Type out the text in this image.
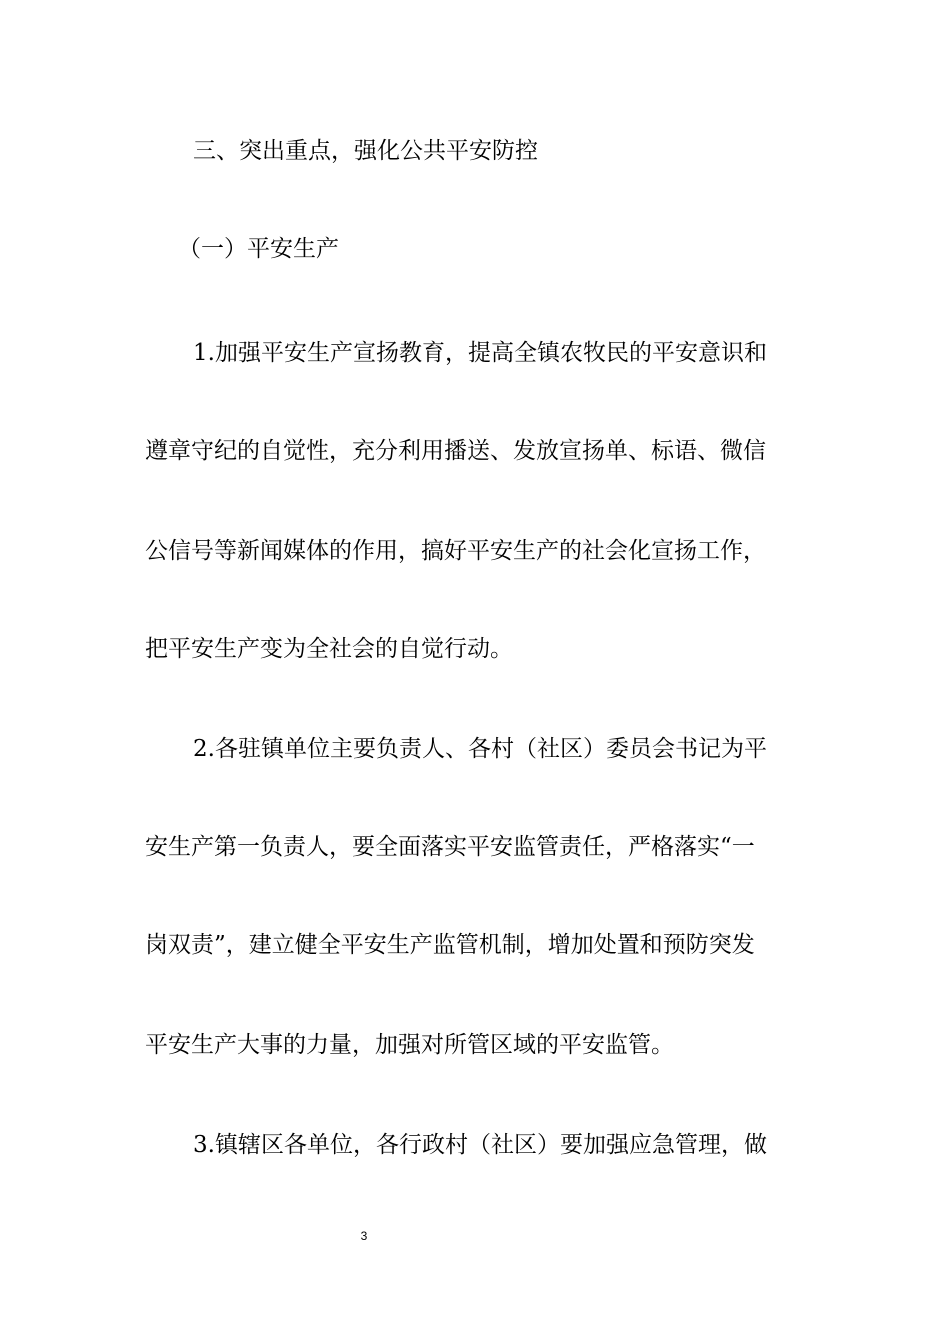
三、突出重点，强化公共平安防控
（一）平安生产
1.加强平安生产宣扬教育，提高全镇农牧民的平安意识和
遵章守纪的自觉性，充分利用播送、发放宣扬单、标语、微信
公信号等新闻媒体的作用，搞好平安生产的社会化宣扬工作，
把平安生产变为全社会的自觉行动。
2.各驻镇单位主要负责人、各村（社区）委员会书记为平
安生产第一负责人，要全面落实平安监管责任，严格落实“一
岗双责”，建立健全平安生产监管机制，增加处置和预防突发
平安生产大事的力量，加强对所管区域的平安监管。
3.镇辖区各单位，各行政村（社区）要加强应急管理，做
3
